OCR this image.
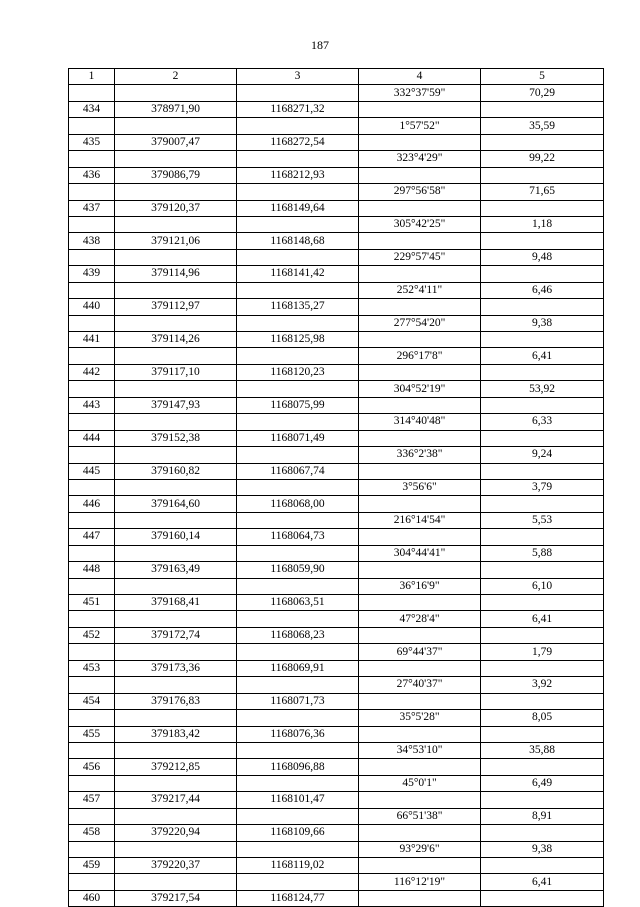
187
1	2	3	4	5
			332°37'59"	70,29
434	378971,90	1168271,32		
			1°57'52"	35,59
435	379007,47	1168272,54		
			323°4'29"	99,22
436	379086,79	1168212,93		
			297°56'58"	71,65
437	379120,37	1168149,64		
			305°42'25"	1,18
438	379121,06	1168148,68		
			229°57'45"	9,48
439	379114,96	1168141,42		
			252°4'11"	6,46
440	379112,97	1168135,27		
			277°54'20"	9,38
441	379114,26	1168125,98		
			296°17'8"	6,41
442	379117,10	1168120,23		
			304°52'19"	53,92
443	379147,93	1168075,99		
			314°40'48"	6,33
444	379152,38	1168071,49		
			336°2'38"	9,24
445	379160,82	1168067,74		
			3°56'6"	3,79
446	379164,60	1168068,00		
			216°14'54"	5,53
447	379160,14	1168064,73		
			304°44'41"	5,88
448	379163,49	1168059,90		
			36°16'9"	6,10
451	379168,41	1168063,51		
			47°28'4"	6,41
452	379172,74	1168068,23		
			69°44'37"	1,79
453	379173,36	1168069,91		
			27°40'37"	3,92
454	379176,83	1168071,73		
			35°5'28"	8,05
455	379183,42	1168076,36		
			34°53'10"	35,88
456	379212,85	1168096,88		
			45°0'1"	6,49
457	379217,44	1168101,47		
			66°51'38"	8,91
458	379220,94	1168109,66		
			93°29'6"	9,38
459	379220,37	1168119,02		
			116°12'19"	6,41
460	379217,54	1168124,77		
